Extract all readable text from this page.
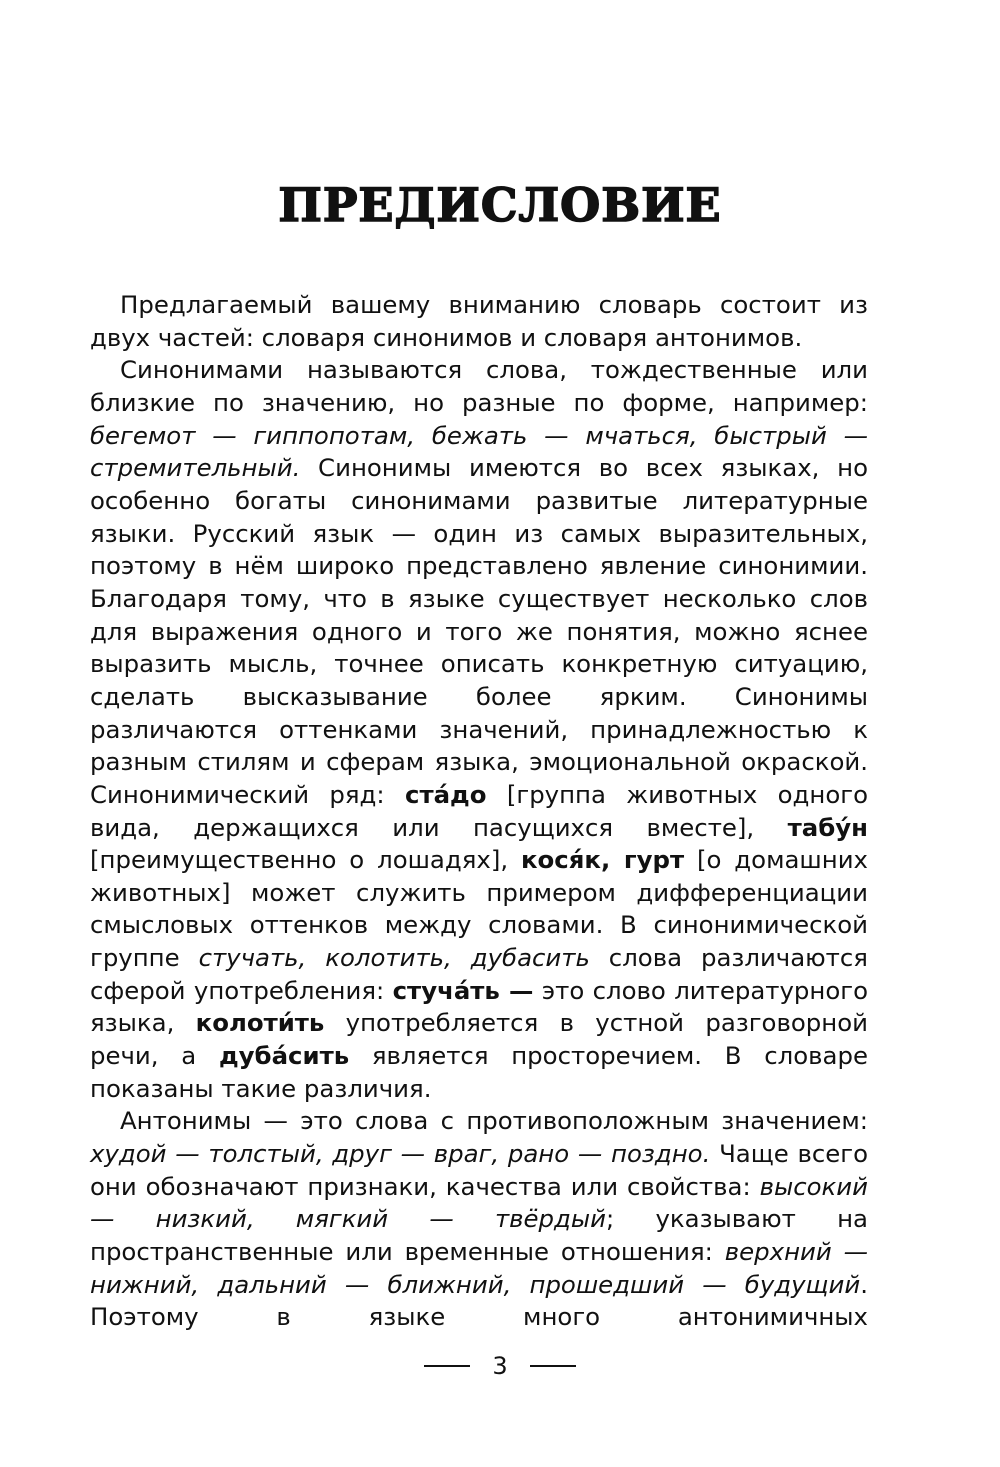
ПРЕДИСЛОВИЕ

Предлагаемый вашему вниманию словарь состоит из двух частей: словаря синонимов и словаря антонимов.

Синонимами называются слова, тождественные или близкие по значению, но разные по форме, например: бегемот — гиппопотам, бежать — мчаться, быстрый — стремительный. Синонимы имеются во всех языках, но особенно богаты синонимами развитые литературные языки. Русский язык — один из самых выразительных, поэтому в нём широко представлено явление синонимии. Благодаря тому, что в языке существует несколько слов для выражения одного и того же понятия, можно яснее выразить мысль, точнее описать конкретную ситуацию, сделать высказывание более ярким. Синонимы различаются оттенками значений, принадлежностью к разным стилям и сферам языка, эмоциональной окраской. Синонимический ряд: ста́до [группа животных одного вида, держащихся или пасущихся вместе], табу́н [преимущественно о лошадях], кося́к, гурт [о домашних животных] может служить примером дифференциации смысловых оттенков между словами. В синонимической группе стучать, колотить, дубасить слова различаются сферой употребления: стуча́ть — это слово литературного языка, колоти́ть употребляется в устной разговорной речи, а дуба́сить является просторечием. В словаре показаны такие различия.

Антонимы — это слова с противоположным значением: худой — толстый, друг — враг, рано — поздно. Чаще всего они обозначают признаки, качества или свойства: высокий — низкий, мягкий — твёрдый; указывают на пространственные или временные отношения: верхний — нижний, дальний — ближний, прошедший — будущий. Поэтому в языке много антонимичных

3
